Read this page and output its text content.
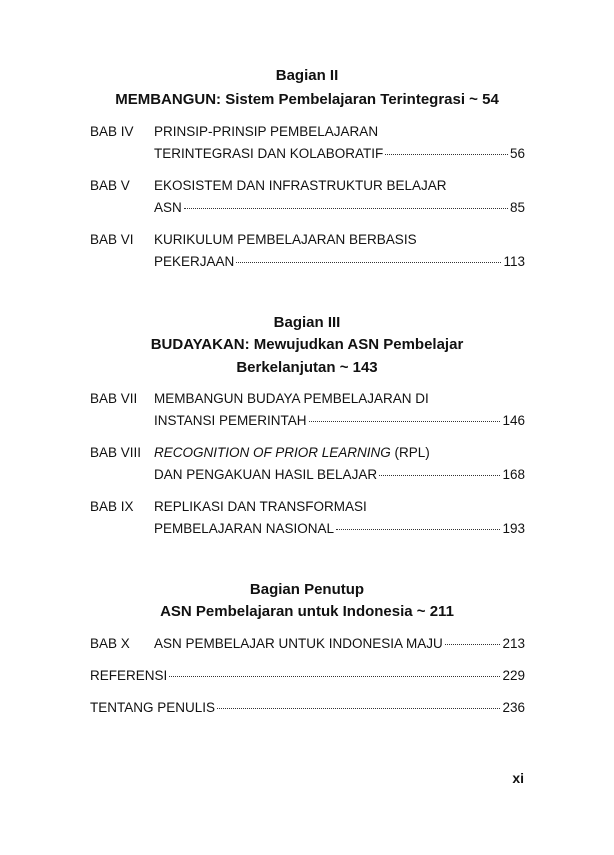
Bagian II
MEMBANGUN: Sistem Pembelajaran Terintegrasi ~ 54
BAB IV PRINSIP-PRINSIP PEMBELAJARAN
TERINTEGRASI DAN KOLABORATIF	56
BAB V EKOSISTEM DAN INFRASTRUKTUR BELAJAR
ASN	85
BAB VI KURIKULUM PEMBELAJARAN BERBASIS
PEKERJAAN	113
Bagian III
BUDAYAKAN: Mewujudkan ASN Pembelajar
Berkelanjutan ~ 143
BAB VII MEMBANGUN BUDAYA PEMBELAJARAN DI
INSTANSI PEMERINTAH	146
BAB VIII RECOGNITION OF PRIOR LEARNING (RPL)
DAN PENGAKUAN HASIL BELAJAR	168
BAB IX REPLIKASI DAN TRANSFORMASI
PEMBELAJARAN NASIONAL	193
Bagian Penutup
ASN Pembelajaran untuk Indonesia ~ 211
BAB X ASN PEMBELAJAR UNTUK INDONESIA MAJU	213
REFERENSI	229
TENTANG PENULIS	236
xi
